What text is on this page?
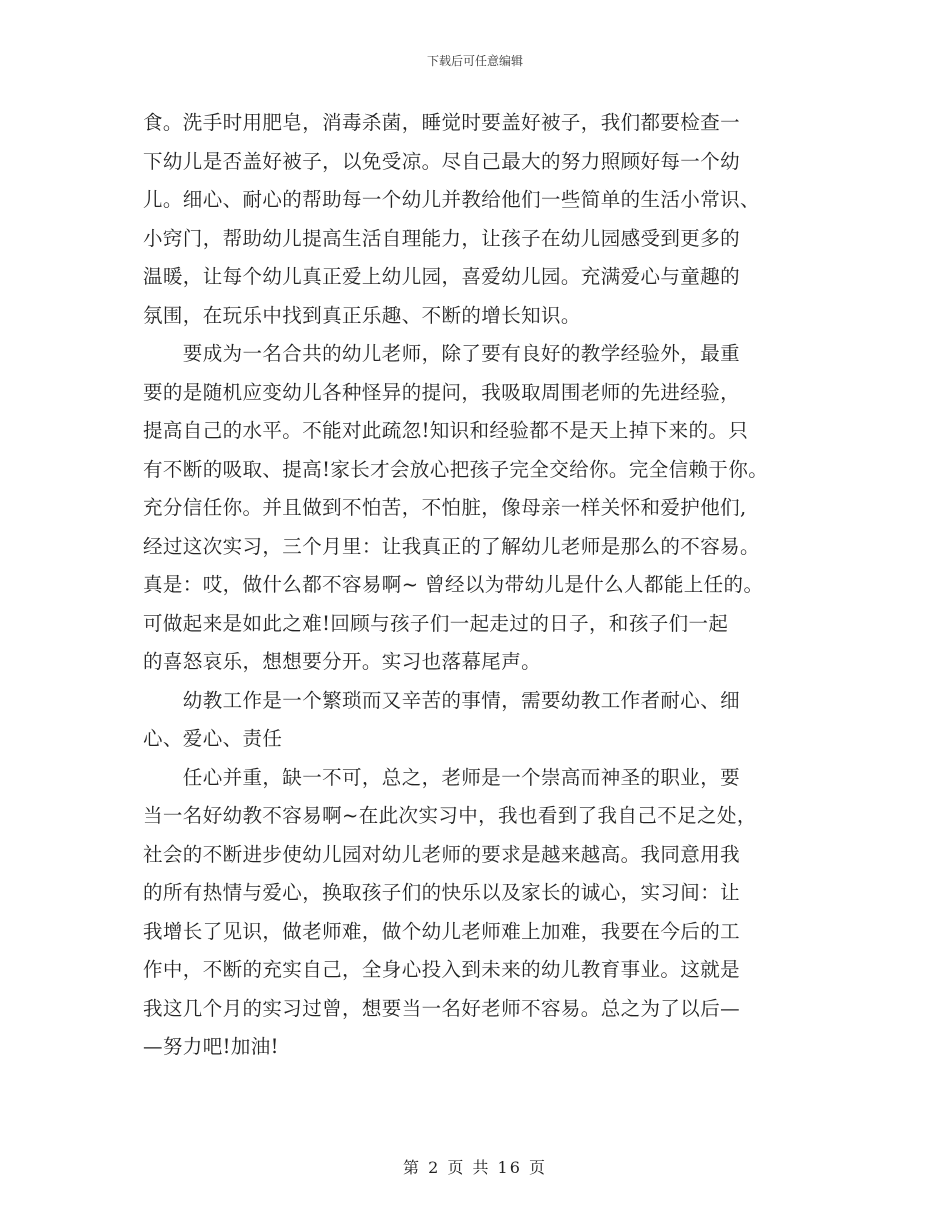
下载后可任意编辑
食。洗手时用肥皂，消毒杀菌，睡觉时要盖好被子，我们都要检查一
下幼儿是否盖好被子，以免受凉。尽自己最大的努力照顾好每一个幼
儿。细心、耐心的帮助每一个幼儿并教给他们一些简单的生活小常识、
小窍门，帮助幼儿提高生活自理能力，让孩子在幼儿园感受到更多的
温暖，让每个幼儿真正爱上幼儿园，喜爱幼儿园。充满爱心与童趣的
氛围，在玩乐中找到真正乐趣、不断的增长知识。
　　要成为一名合共的幼儿老师，除了要有良好的教学经验外，最重
要的是随机应变幼儿各种怪异的提问，我吸取周围老师的先进经验，
提高自己的水平。不能对此疏忽!知识和经验都不是天上掉下来的。只
有不断的吸取、提高!家长才会放心把孩子完全交给你。完全信赖于你。
充分信任你。并且做到不怕苦，不怕脏，像母亲一样关怀和爱护他们,
经过这次实习，三个月里：让我真正的了解幼儿老师是那么的不容易。
真是：哎，做什么都不容易啊~ 曾经以为带幼儿是什么人都能上任的。
可做起来是如此之难!回顾与孩子们一起走过的日子，和孩子们一起
的喜怒哀乐，想想要分开。实习也落幕尾声。
　　幼教工作是一个繁琐而又辛苦的事情，需要幼教工作者耐心、细
心、爱心、责任
　　任心并重，缺一不可，总之，老师是一个崇高而神圣的职业，要
当一名好幼教不容易啊~在此次实习中，我也看到了我自己不足之处，
社会的不断进步使幼儿园对幼儿老师的要求是越来越高。我同意用我
的所有热情与爱心，换取孩子们的快乐以及家长的诚心，实习间：让
我增长了见识，做老师难，做个幼儿老师难上加难，我要在今后的工
作中，不断的充实自己，全身心投入到未来的幼儿教育事业。这就是
我这几个月的实习过曾，想要当一名好老师不容易。总之为了以后—
—努力吧!加油!
第 2 页 共 16 页
